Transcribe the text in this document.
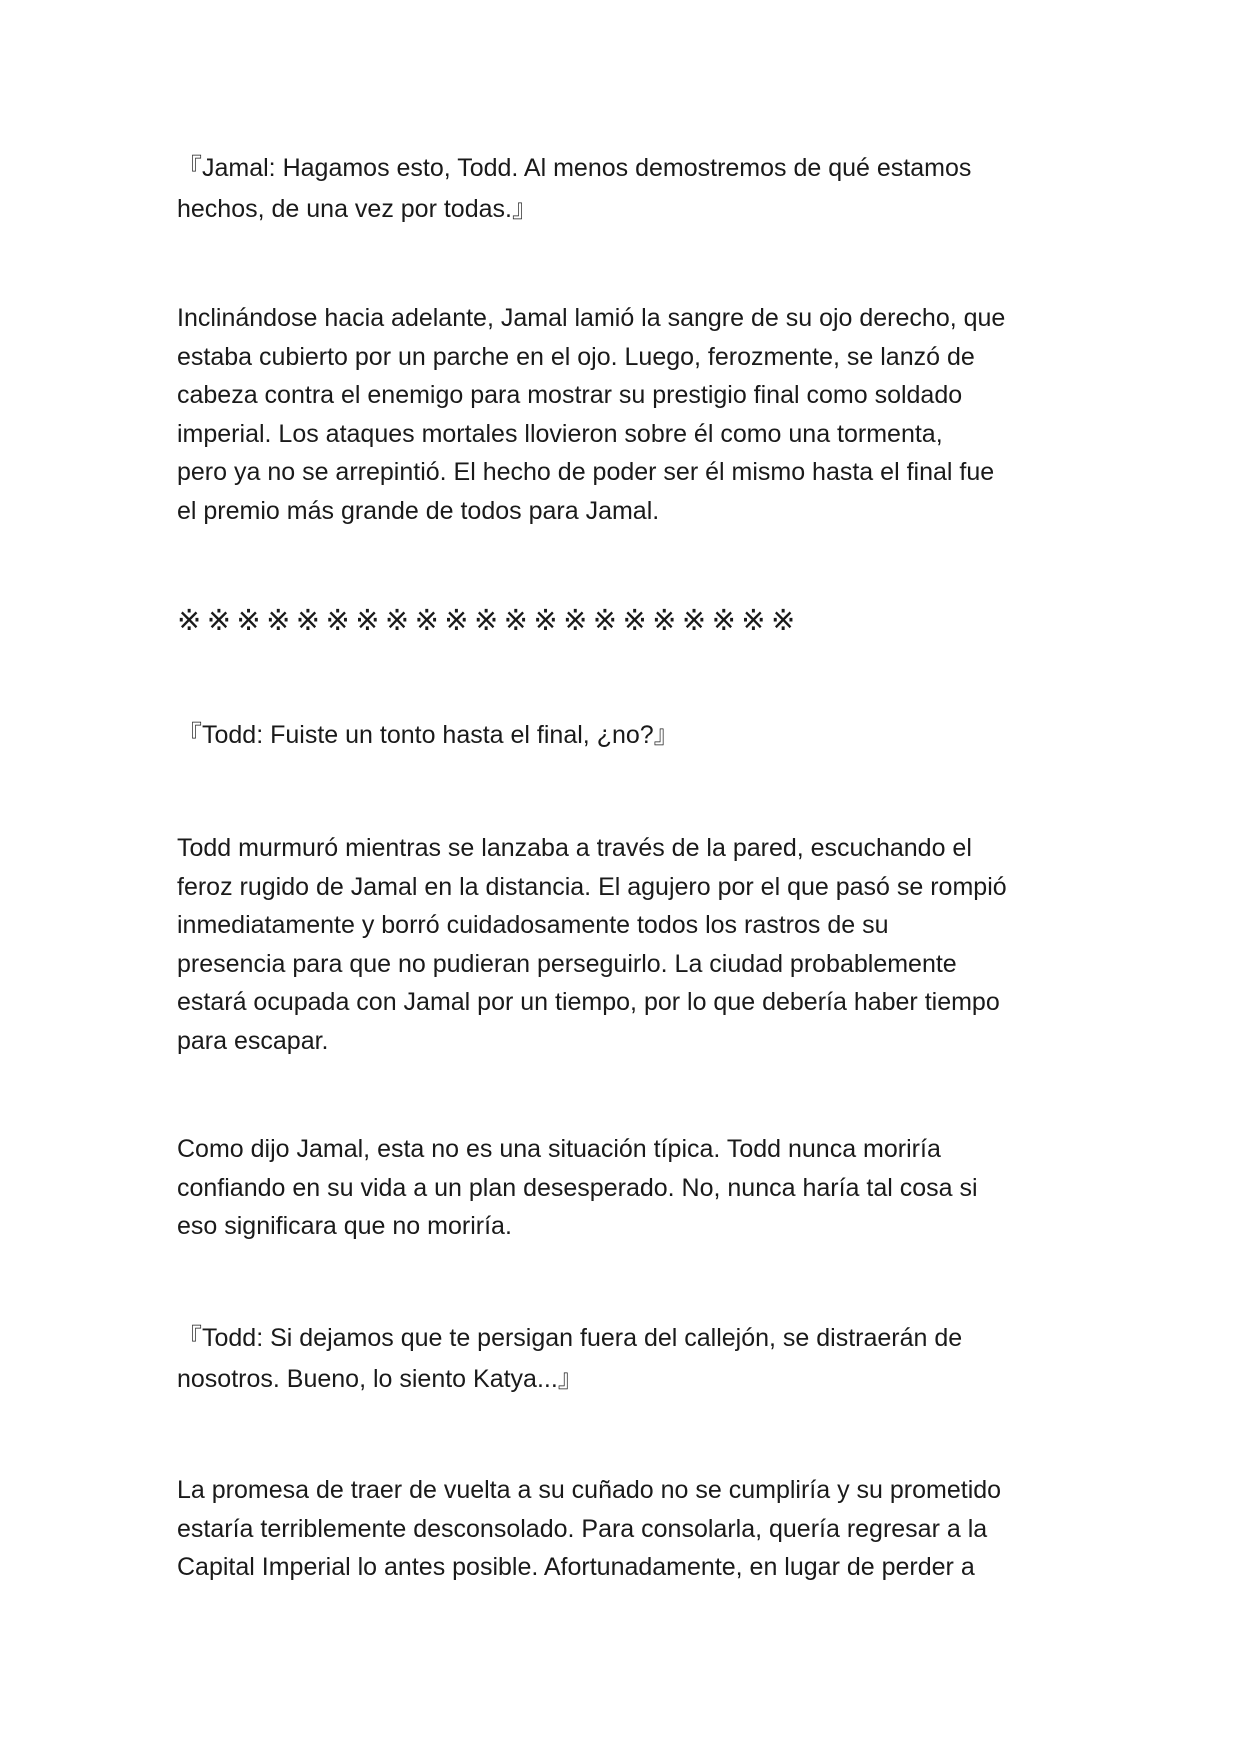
『Jamal: Hagamos esto, Todd. Al menos demostremos de qué estamos
hechos, de una vez por todas.』

Inclinándose hacia adelante, Jamal lamió la sangre de su ojo derecho, que
estaba cubierto por un parche en el ojo. Luego, ferozmente, se lanzó de
cabeza contra el enemigo para mostrar su prestigio final como soldado
imperial. Los ataques mortales llovieron sobre él como una tormenta,
pero ya no se arrepintió. El hecho de poder ser él mismo hasta el final fue
el premio más grande de todos para Jamal.

※※※※※※※※※※※※※※※※※※※※※

『Todd: Fuiste un tonto hasta el final, ¿no?』

Todd murmuró mientras se lanzaba a través de la pared, escuchando el
feroz rugido de Jamal en la distancia. El agujero por el que pasó se rompió
inmediatamente y borró cuidadosamente todos los rastros de su
presencia para que no pudieran perseguirlo. La ciudad probablemente
estará ocupada con Jamal por un tiempo, por lo que debería haber tiempo
para escapar.

Como dijo Jamal, esta no es una situación típica. Todd nunca moriría
confiando en su vida a un plan desesperado. No, nunca haría tal cosa si
eso significara que no moriría.

『Todd: Si dejamos que te persigan fuera del callejón, se distraerán de
nosotros. Bueno, lo siento Katya...』

La promesa de traer de vuelta a su cuñado no se cumpliría y su prometido
estaría terriblemente desconsolado. Para consolarla, quería regresar a la
Capital Imperial lo antes posible. Afortunadamente, en lugar de perder a
